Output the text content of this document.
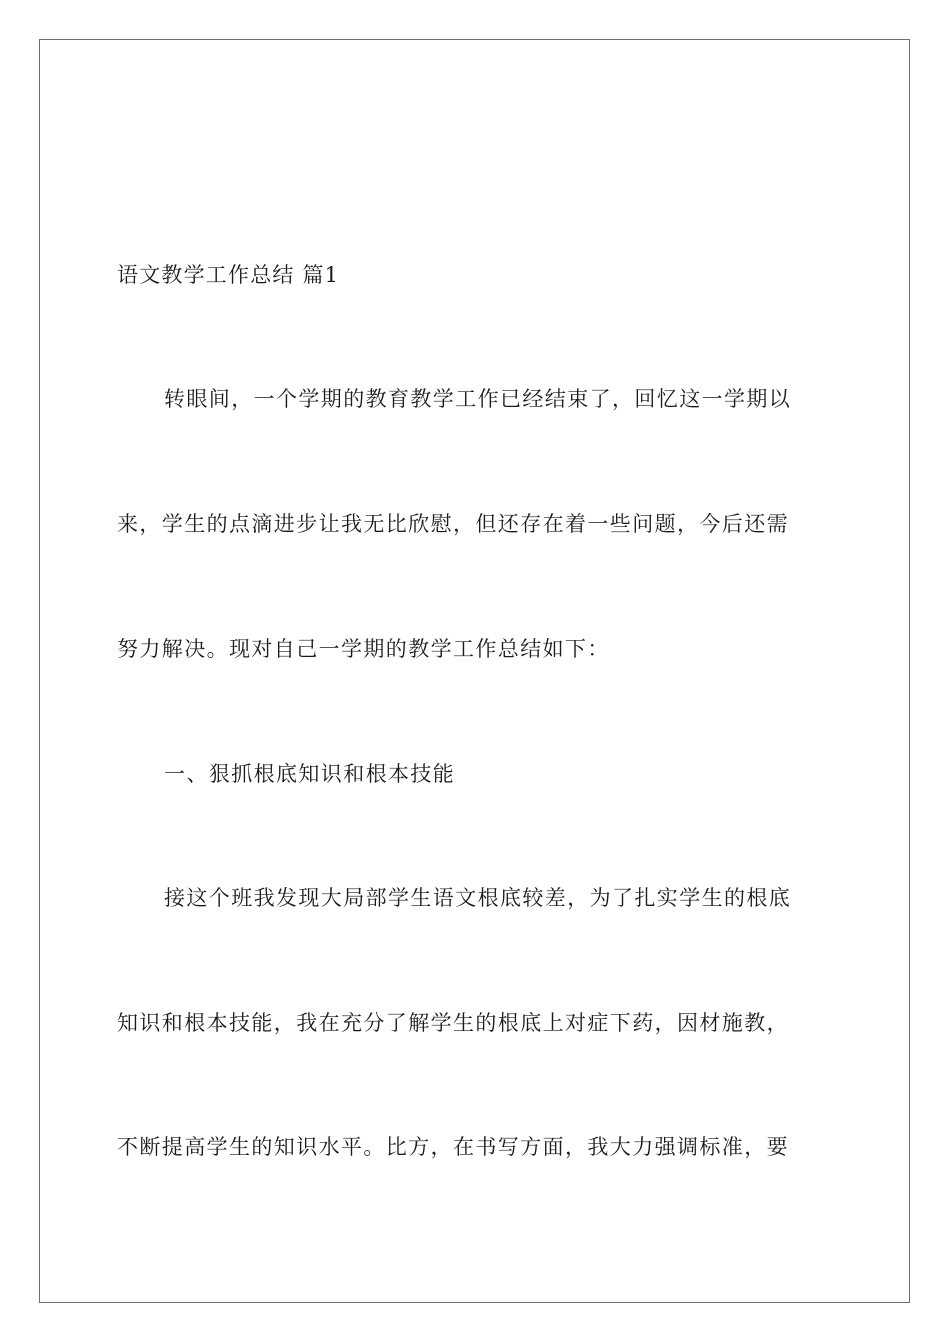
语文教学工作总结 篇1
转眼间，一个学期的教育教学工作已经结束了，回忆这一学期以
来，学生的点滴进步让我无比欣慰，但还存在着一些问题，今后还需
努力解决。现对自己一学期的教学工作总结如下：
一、狠抓根底知识和根本技能
接这个班我发现大局部学生语文根底较差，为了扎实学生的根底
知识和根本技能，我在充分了解学生的根底上对症下药，因材施教，
不断提高学生的知识水平。比方，在书写方面，我大力强调标准，要
